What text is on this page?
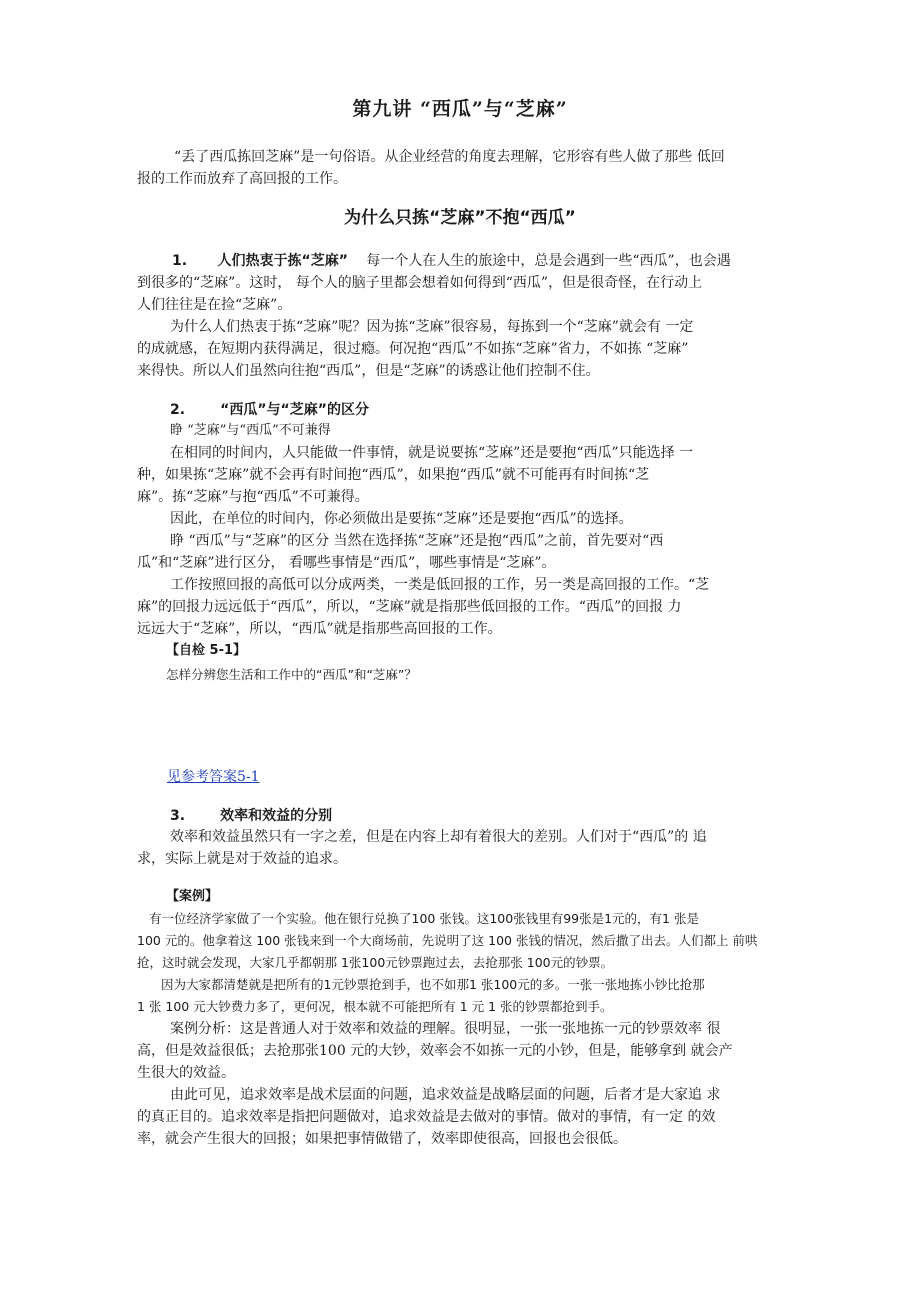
第九讲 “西瓜”与“芝麻”
“丢了西瓜拣回芝麻”是一句俗语。从企业经营的角度去理解，它形容有些人做了那些 低回
报的工作而放弃了高回报的工作。
为什么只拣“芝麻”不抱“西瓜”
1. 人们热衷于拣“芝麻” 每一个人在人生的旅途中，总是会遇到一些“西瓜”，也会遇
到很多的“芝麻”。这时， 每个人的脑子里都会想着如何得到“西瓜”，但是很奇怪，在行动上
人们往往是在捡“芝麻”。
为什么人们热衷于拣“芝麻”呢？因为拣“芝麻”很容易，每拣到一个“芝麻”就会有 一定
的成就感，在短期内获得满足，很过瘾。何况抱“西瓜”不如拣“芝麻”省力，不如拣 “芝麻”
来得快。所以人们虽然向往抱“西瓜”，但是“芝麻”的诱惑让他们控制不住。
2.	“西瓜”与“芝麻”的区分
睁 “芝麻”与“西瓜”不可兼得
在相同的时间内，人只能做一件事情，就是说要拣“芝麻”还是要抱“西瓜”只能选择 一
种，如果拣“芝麻”就不会再有时间抱“西瓜”，如果抱“西瓜”就不可能再有时间拣“芝
麻”。拣“芝麻”与抱“西瓜”不可兼得。
因此，在单位的时间内，你必须做出是要拣“芝麻”还是要抱“西瓜”的选择。
睁 “西瓜”与“芝麻”的区分 当然在选择拣“芝麻”还是抱“西瓜”之前，首先要对“西
瓜”和“芝麻”进行区分， 看哪些事情是“西瓜”，哪些事情是“芝麻”。
工作按照回报的高低可以分成两类，一类是低回报的工作，另一类是高回报的工作。“芝
麻”的回报力远远低于“西瓜”，所以，“芝麻”就是指那些低回报的工作。“西瓜”的回报 力
远远大于“芝麻”，所以，“西瓜”就是指那些高回报的工作。
【自检 5-1】
怎样分辨您生活和工作中的“西瓜”和“芝麻”？
见参考答案5-1
3.	效率和效益的分别
效率和效益虽然只有一字之差，但是在内容上却有着很大的差别。人们对于“西瓜”的 追
求，实际上就是对于效益的追求。
【案例】
有一位经济学家做了一个实验。他在银行兑换了100 张钱。这100张钱里有99张是1元的，有1 张是
100 元的。他拿着这 100 张钱来到一个大商场前，先说明了这 100 张钱的情况，然后撒了出去。人们都上 前哄
抢，这时就会发现，大家几乎都朝那 1张100元钞票跑过去，去抢那张 100元的钞票。
因为大家都清楚就是把所有的1元钞票抢到手，也不如那1 张100元的多。一张一张地拣小钞比抢那
1 张 100 元大钞费力多了，更何况，根本就不可能把所有 1 元 1 张的钞票都抢到手。
案例分析：这是普通人对于效率和效益的理解。很明显，一张一张地拣一元的钞票效率 很
高，但是效益很低；去抢那张100 元的大钞，效率会不如拣一元的小钞，但是，能够拿到 就会产
生很大的效益。
由此可见，追求效率是战术层面的问题，追求效益是战略层面的问题，后者才是大家追 求
的真正目的。追求效率是指把问题做对，追求效益是去做对的事情。做对的事情，有一定 的效
率，就会产生很大的回报；如果把事情做错了，效率即使很高，回报也会很低。
